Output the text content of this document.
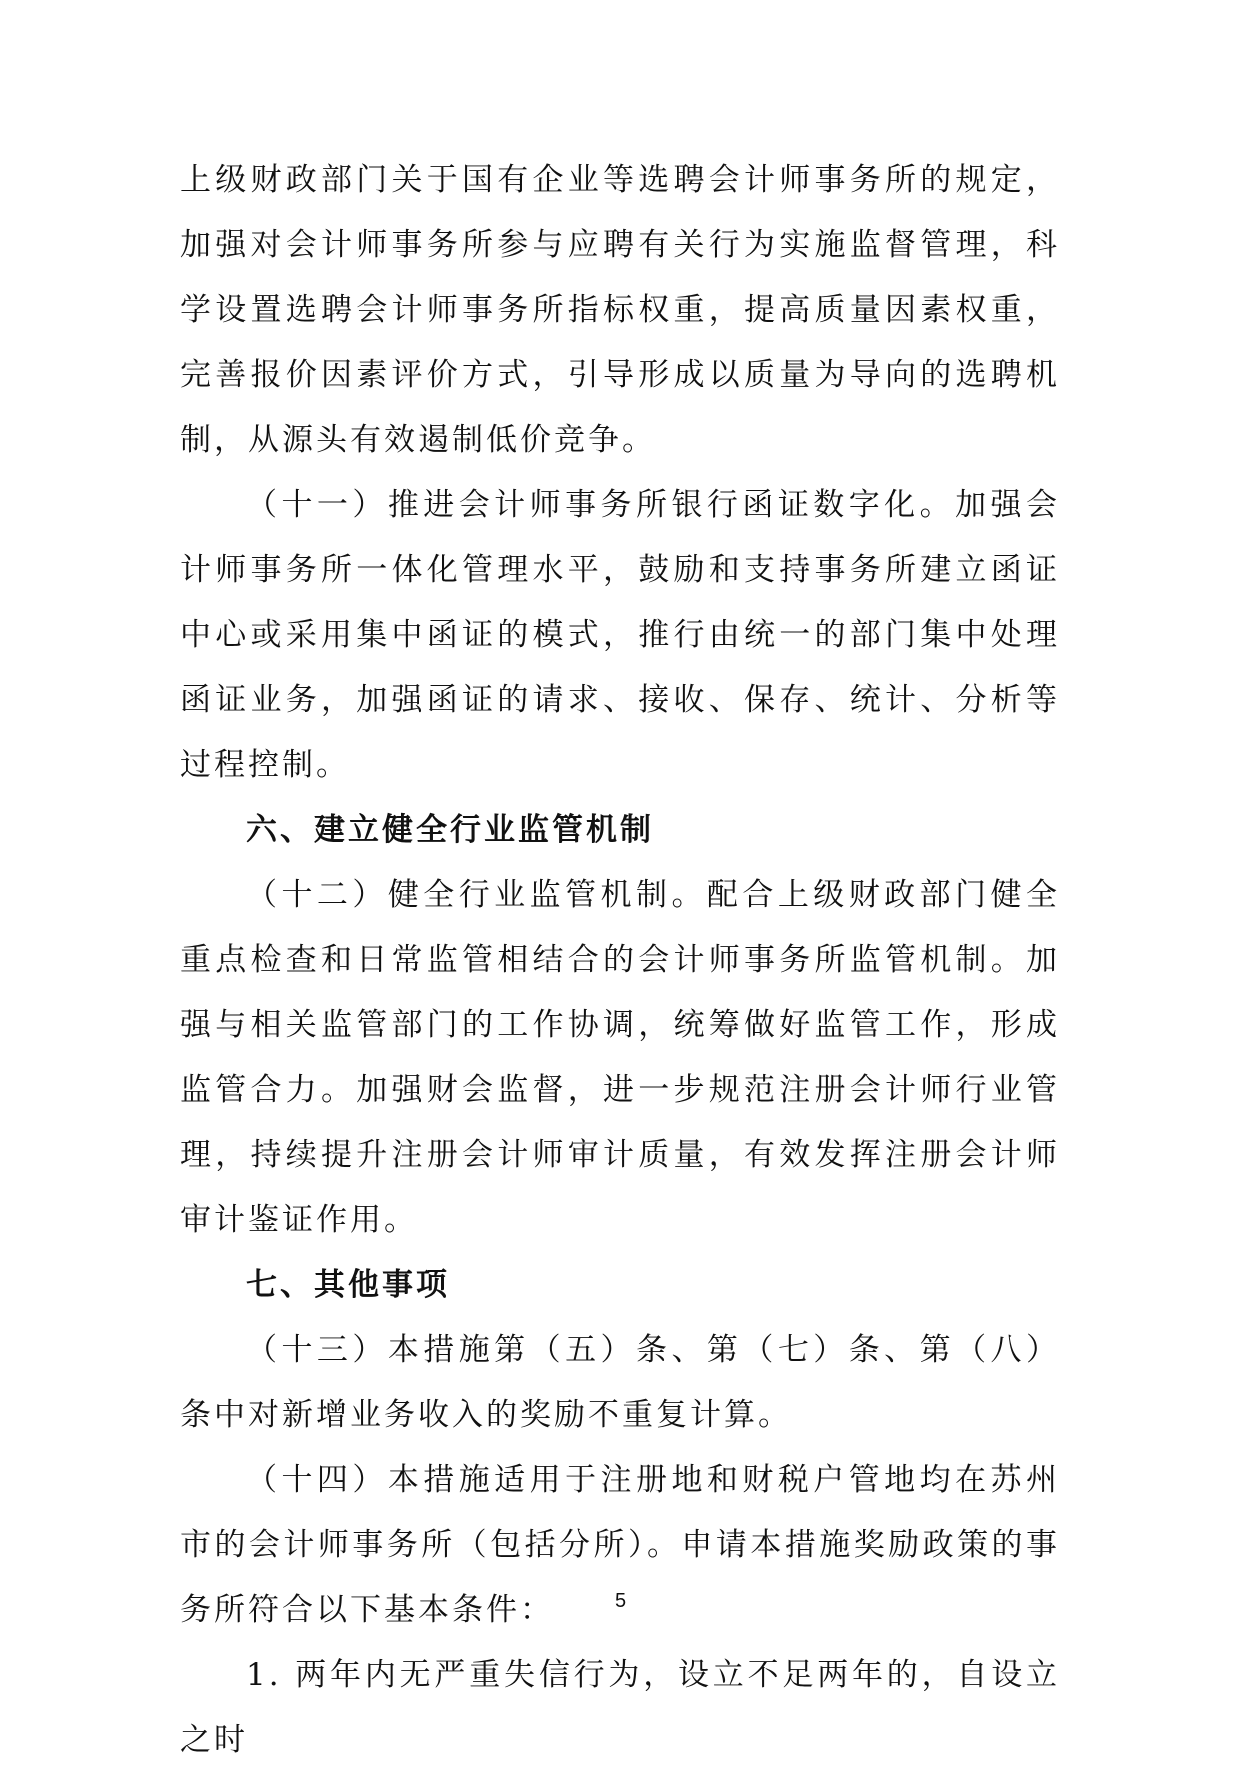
上级财政部门关于国有企业等选聘会计师事务所的规定，加强对会计师事务所参与应聘有关行为实施监督管理，科学设置选聘会计师事务所指标权重，提高质量因素权重，完善报价因素评价方式，引导形成以质量为导向的选聘机制，从源头有效遏制低价竞争。

（十一）推进会计师事务所银行函证数字化。加强会计师事务所一体化管理水平，鼓励和支持事务所建立函证中心或采用集中函证的模式，推行由统一的部门集中处理函证业务，加强函证的请求、接收、保存、统计、分析等过程控制。

六、建立健全行业监管机制

（十二）健全行业监管机制。配合上级财政部门健全重点检查和日常监管相结合的会计师事务所监管机制。加强与相关监管部门的工作协调，统筹做好监管工作，形成监管合力。加强财会监督，进一步规范注册会计师行业管理，持续提升注册会计师审计质量，有效发挥注册会计师审计鉴证作用。

七、其他事项

（十三）本措施第（五）条、第（七）条、第（八）条中对新增业务收入的奖励不重复计算。

（十四）本措施适用于注册地和财税户管地均在苏州市的会计师事务所（包括分所）。申请本措施奖励政策的事务所符合以下基本条件：

1. 两年内无严重失信行为，设立不足两年的，自设立之时

5
